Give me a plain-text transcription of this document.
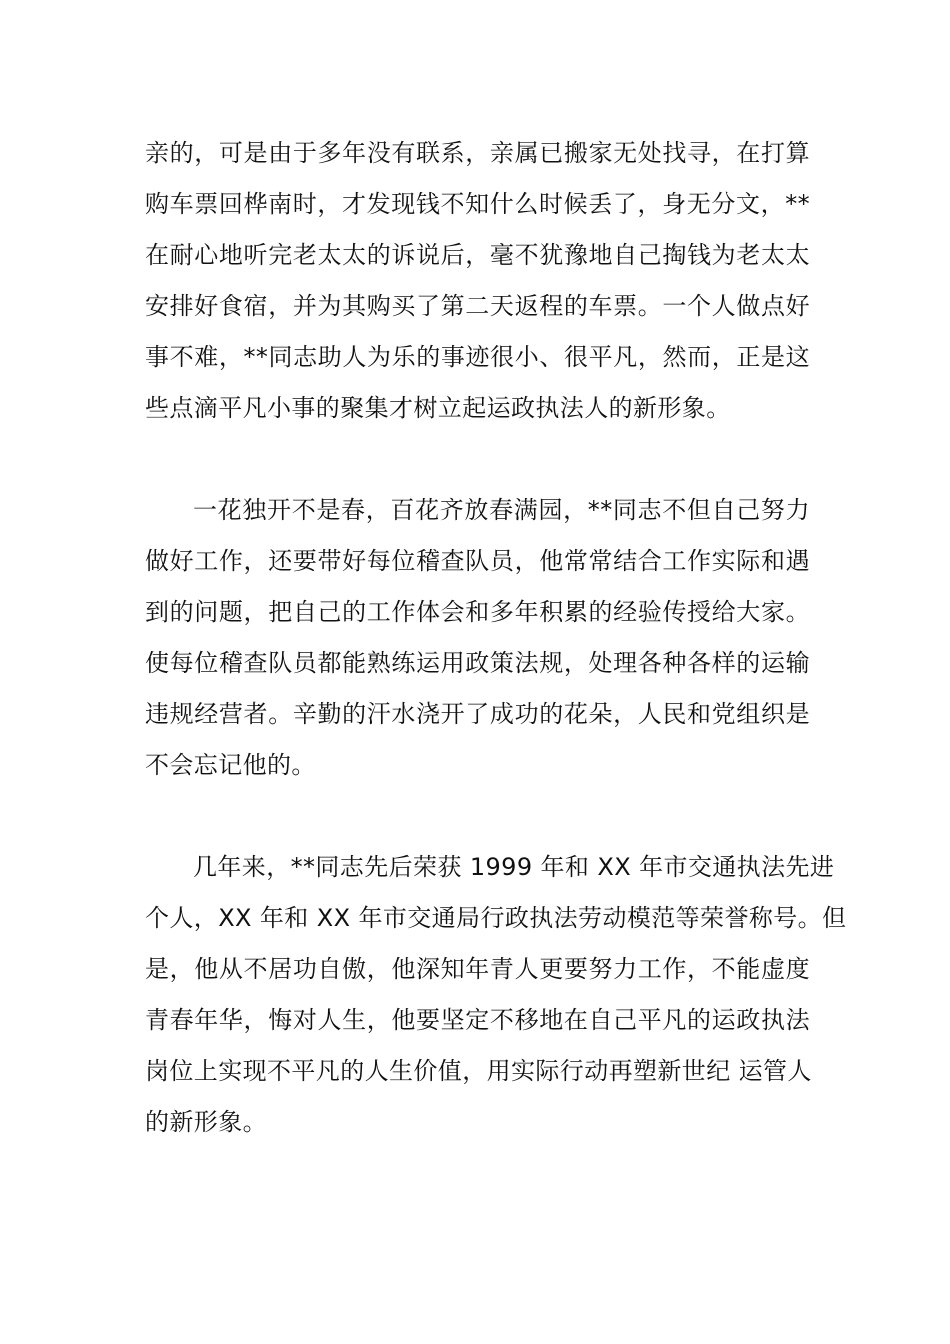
亲的，可是由于多年没有联系，亲属已搬家无处找寻，在打算
购车票回桦南时，才发现钱不知什么时候丢了，身无分文，**
在耐心地听完老太太的诉说后，毫不犹豫地自己掏钱为老太太
安排好食宿，并为其购买了第二天返程的车票。一个人做点好
事不难，**同志助人为乐的事迹很小、很平凡，然而，正是这
些点滴平凡小事的聚集才树立起运政执法人的新形象。

一花独开不是春，百花齐放春满园，**同志不但自己努力
做好工作，还要带好每位稽查队员，他常常结合工作实际和遇
到的问题，把自己的工作体会和多年积累的经验传授给大家。
使每位稽查队员都能熟练运用政策法规，处理各种各样的运输
违规经营者。辛勤的汗水浇开了成功的花朵，人民和党组织是
不会忘记他的。

几年来，**同志先后荣获 1999 年和 XX 年市交通执法先进
个人，XX 年和 XX 年市交通局行政执法劳动模范等荣誉称号。但
是，他从不居功自傲，他深知年青人更要努力工作，不能虚度
青春年华，悔对人生，他要坚定不移地在自己平凡的运政执法
岗位上实现不平凡的人生价值，用实际行动再塑新世纪 运管人
的新形象。
